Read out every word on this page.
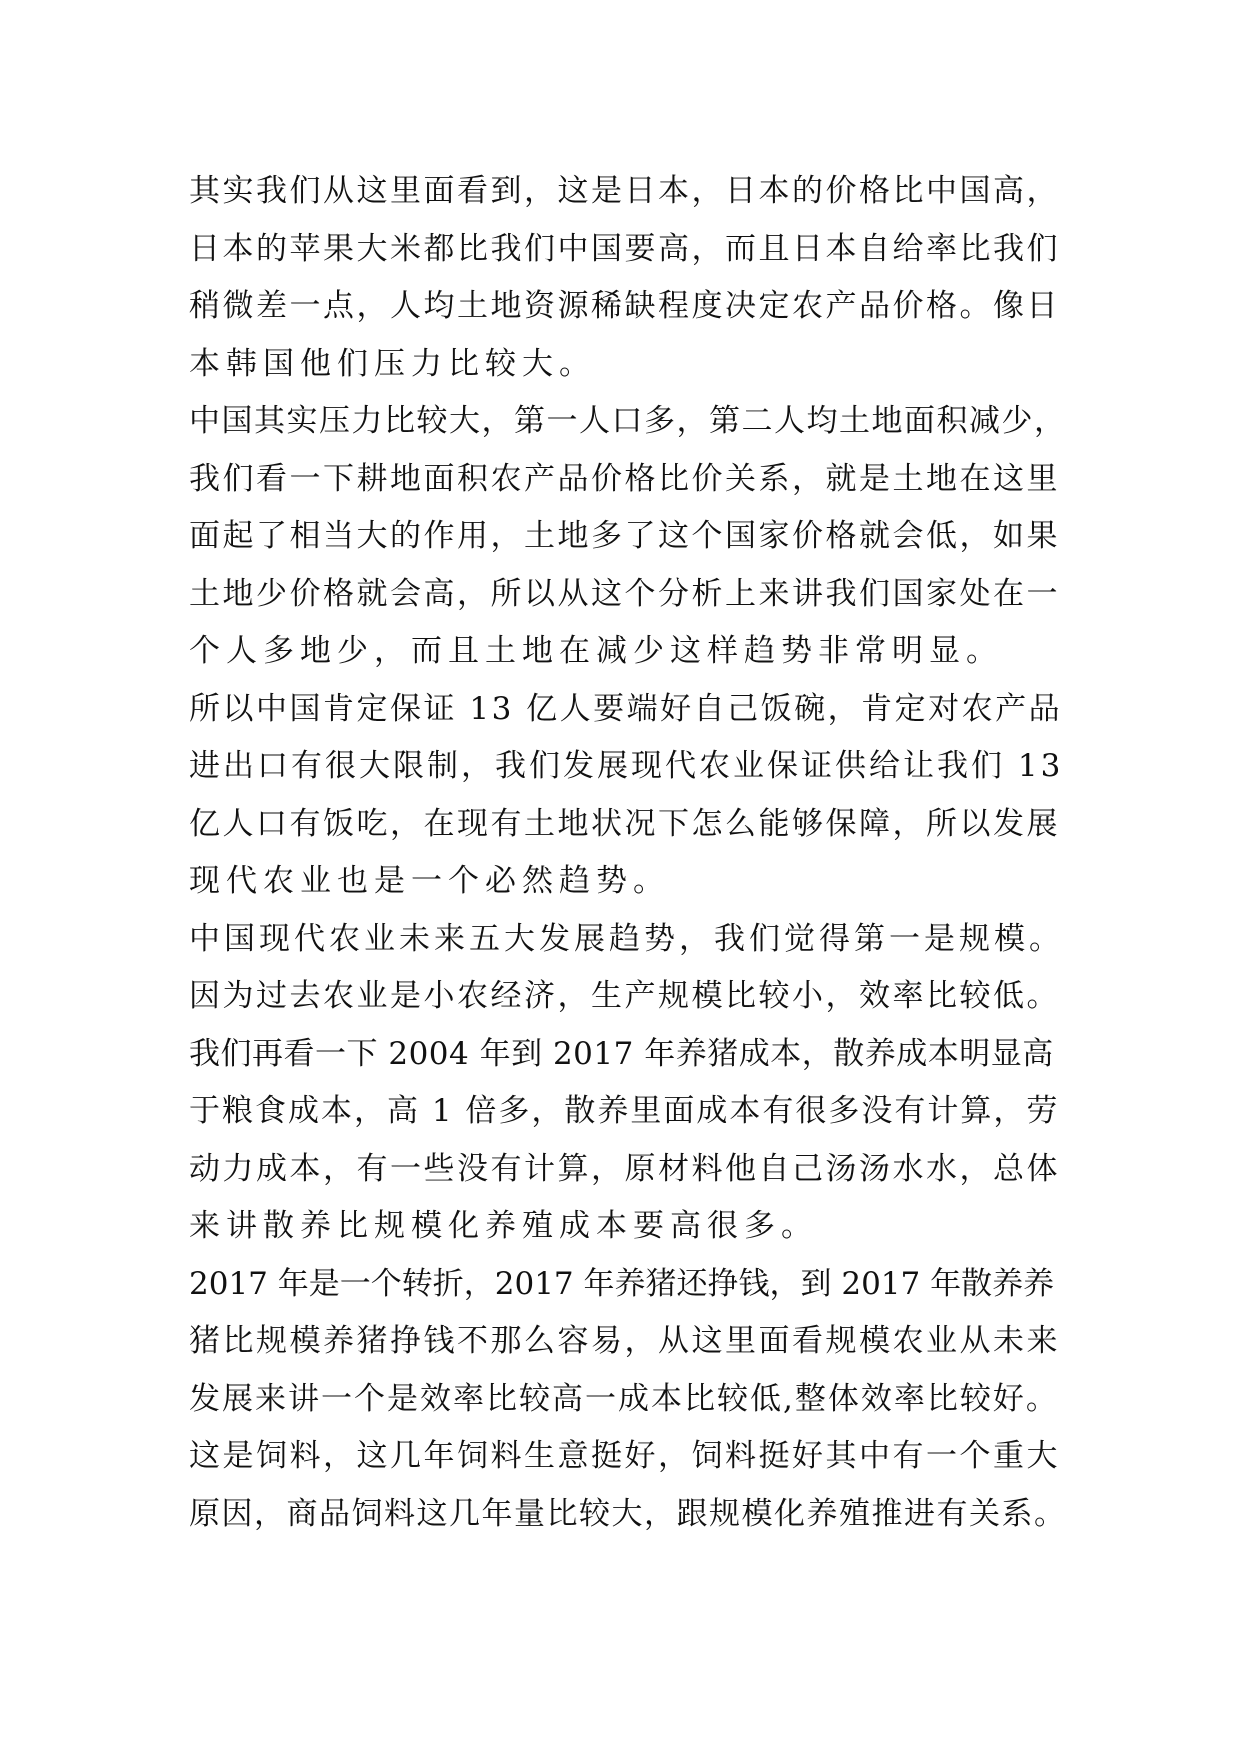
其实我们从这里面看到，这是日本，日本的价格比中国高，
日本的苹果大米都比我们中国要高，而且日本自给率比我们
稍微差一点，人均土地资源稀缺程度决定农产品价格。像日
本韩国他们压力比较大。
中国其实压力比较大，第一人口多，第二人均土地面积减少，
我们看一下耕地面积农产品价格比价关系，就是土地在这里
面起了相当大的作用，土地多了这个国家价格就会低，如果
土地少价格就会高，所以从这个分析上来讲我们国家处在一
个人多地少，而且土地在减少这样趋势非常明显。
所以中国肯定保证 13 亿人要端好自己饭碗，肯定对农产品
进出口有很大限制，我们发展现代农业保证供给让我们 13
亿人口有饭吃，在现有土地状况下怎么能够保障，所以发展
现代农业也是一个必然趋势。
中国现代农业未来五大发展趋势，我们觉得第一是规模。
因为过去农业是小农经济，生产规模比较小，效率比较低。
我们再看一下 2004 年到 2017 年养猪成本，散养成本明显高
于粮食成本，高 1 倍多，散养里面成本有很多没有计算，劳
动力成本，有一些没有计算，原材料他自己汤汤水水，总体
来讲散养比规模化养殖成本要高很多。
2017 年是一个转折，2017 年养猪还挣钱，到 2017 年散养养
猪比规模养猪挣钱不那么容易，从这里面看规模农业从未来
发展来讲一个是效率比较高一成本比较低,整体效率比较好。
这是饲料，这几年饲料生意挺好，饲料挺好其中有一个重大
原因，商品饲料这几年量比较大，跟规模化养殖推进有关系。
